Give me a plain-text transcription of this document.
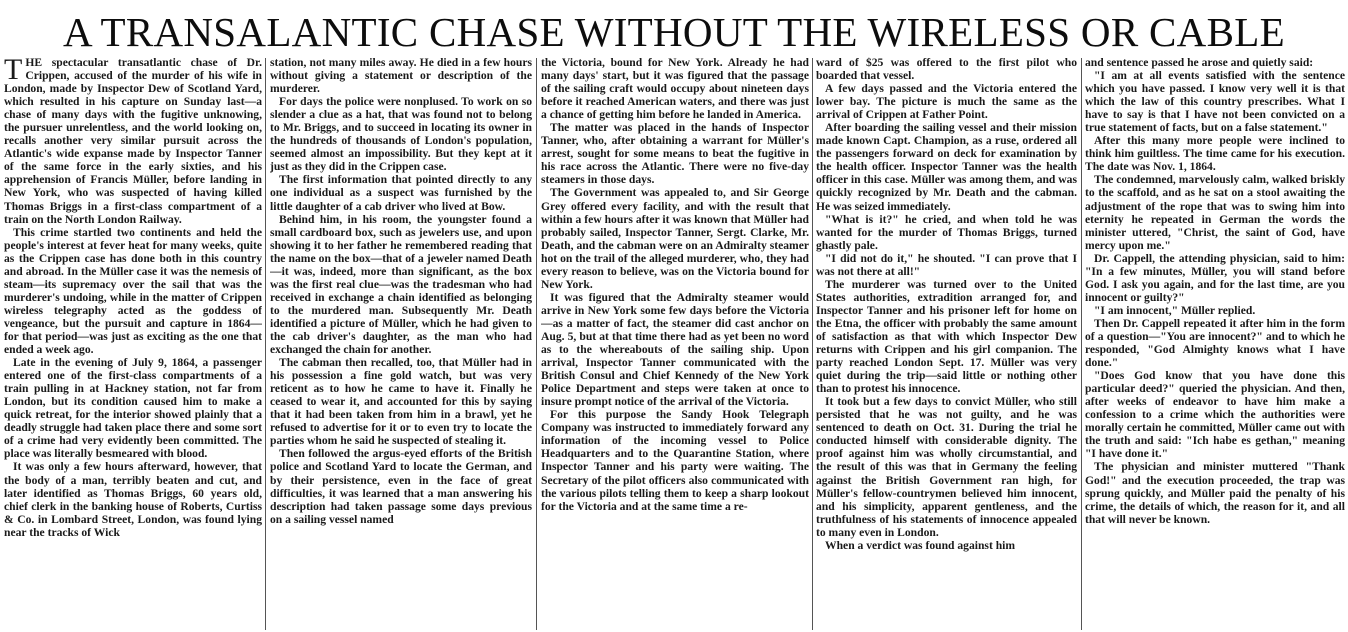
A TRANSALANTIC CHASE WITHOUT THE WIRELESS OR CABLE

THE spectacular transatlantic chase of Dr. Crippen, accused of the murder of his wife in London, made by Inspector Dew of Scotland Yard, which resulted in his capture on Sunday last—a chase of many days with the fugitive unknowing, the pursuer unrelentless, and the world looking on, recalls another very similar pursuit across the Atlantic's wide expanse made by Inspector Tanner of the same force in the early sixties, and his apprehension of Francis Müller, before landing in New York, who was suspected of having killed Thomas Briggs in a first-class compartment of a train on the North London Railway.

This crime startled two continents and held the people's interest at fever heat for many weeks, quite as the Crippen case has done both in this country and abroad. In the Müller case it was the nemesis of steam—its supremacy over the sail that was the murderer's undoing, while in the matter of Crippen wireless telegraphy acted as the goddess of vengeance, but the pursuit and capture in 1864—for that period—was just as exciting as the one that ended a week ago.

Late in the evening of July 9, 1864, a passenger entered one of the first-class compartments of a train pulling in at Hackney station, not far from London, but its condition caused him to make a quick retreat, for the interior showed plainly that a deadly struggle had taken place there and some sort of a crime had very evidently been committed. The place was literally besmeared with blood.

It was only a few hours afterward, however, that the body of a man, terribly beaten and cut, and later identified as Thomas Briggs, 60 years old, chief clerk in the banking house of Roberts, Curtiss & Co. in Lombard Street, London, was found lying near the tracks of Wick

station, not many miles away. He died in a few hours without giving a statement or description of the murderer.

For days the police were nonplused. To work on so slender a clue as a hat, that was found not to belong to Mr. Briggs, and to succeed in locating its owner in the hundreds of thousands of London's population, seemed almost an impossibility. But they kept at it just as they did in the Crippen case.

The first information that pointed directly to any one individual as a suspect was furnished by the little daughter of a cab driver who lived at Bow.

Behind him, in his room, the youngster found a small cardboard box, such as jewelers use, and upon showing it to her father he remembered reading that the name on the box—that of a jeweler named Death—it was, indeed, more than significant, as the box was the first real clue—was the tradesman who had received in exchange a chain identified as belonging to the murdered man. Subsequently Mr. Death identified a picture of Müller, which he had given to the cab driver's daughter, as the man who had exchanged the chain for another.

The cabman then recalled, too, that Müller had in his possession a fine gold watch, but was very reticent as to how he came to have it. Finally he ceased to wear it, and accounted for this by saying that it had been taken from him in a brawl, yet he refused to advertise for it or to even try to locate the parties whom he said he suspected of stealing it.

Then followed the argus-eyed efforts of the British police and Scotland Yard to locate the German, and by their persistence, even in the face of great difficulties, it was learned that a man answering his description had taken passage some days previous on a sailing vessel named

the Victoria, bound for New York. Already he had many days' start, but it was figured that the passage of the sailing craft would occupy about nineteen days before it reached American waters, and there was just a chance of getting him before he landed in America.

The matter was placed in the hands of Inspector Tanner, who, after obtaining a warrant for Müller's arrest, sought for some means to beat the fugitive in his race across the Atlantic. There were no five-day steamers in those days.

The Government was appealed to, and Sir George Grey offered every facility, and with the result that within a few hours after it was known that Müller had probably sailed, Inspector Tanner, Sergt. Clarke, Mr. Death, and the cabman were on an Admiralty steamer hot on the trail of the alleged murderer, who, they had every reason to believe, was on the Victoria bound for New York.

It was figured that the Admiralty steamer would arrive in New York some few days before the Victoria—as a matter of fact, the steamer did cast anchor on Aug. 5, but at that time there had as yet been no word as to the whereabouts of the sailing ship. Upon arrival, Inspector Tanner communicated with the British Consul and Chief Kennedy of the New York Police Department and steps were taken at once to insure prompt notice of the arrival of the Victoria.

For this purpose the Sandy Hook Telegraph Company was instructed to immediately forward any information of the incoming vessel to Police Headquarters and to the Quarantine Station, where Inspector Tanner and his party were waiting. The Secretary of the pilot officers also communicated with the various pilots telling them to keep a sharp lookout for the Victoria and at the same time a re-

ward of $25 was offered to the first pilot who boarded that vessel.

A few days passed and the Victoria entered the lower bay. The picture is much the same as the arrival of Crippen at Father Point.

After boarding the sailing vessel and their mission made known Capt. Champion, as a ruse, ordered all the passengers forward on deck for examination by the health officer. Inspector Tanner was the health officer in this case. Müller was among them, and was quickly recognized by Mr. Death and the cabman. He was seized immediately.

"What is it?" he cried, and when told he was wanted for the murder of Thomas Briggs, turned ghastly pale.

"I did not do it," he shouted. "I can prove that I was not there at all!"

The murderer was turned over to the United States authorities, extradition arranged for, and Inspector Tanner and his prisoner left for home on the Etna, the officer with probably the same amount of satisfaction as that with which Inspector Dew returns with Crippen and his girl companion. The party reached London Sept. 17. Müller was very quiet during the trip—said little or nothing other than to protest his innocence.

It took but a few days to convict Müller, who still persisted that he was not guilty, and he was sentenced to death on Oct. 31. During the trial he conducted himself with considerable dignity. The proof against him was wholly circumstantial, and the result of this was that in Germany the feeling against the British Government ran high, for Müller's fellow-countrymen believed him innocent, and his simplicity, apparent gentleness, and the truthfulness of his statements of innocence appealed to many even in London.

When a verdict was found against him

and sentence passed he arose and quietly said:

"I am at all events satisfied with the sentence which you have passed. I know very well it is that which the law of this country prescribes. What I have to say is that I have not been convicted on a true statement of facts, but on a false statement."

After this many more people were inclined to think him guiltless. The time came for his execution. The date was Nov. 1, 1864.

The condemned, marvelously calm, walked briskly to the scaffold, and as he sat on a stool awaiting the adjustment of the rope that was to swing him into eternity he repeated in German the words the minister uttered, "Christ, the saint of God, have mercy upon me."

Dr. Cappell, the attending physician, said to him: "In a few minutes, Müller, you will stand before God. I ask you again, and for the last time, are you innocent or guilty?"

"I am innocent," Müller replied.

Then Dr. Cappell repeated it after him in the form of a question—"You are innocent?" and to which he responded, "God Almighty knows what I have done."

"Does God know that you have done this particular deed?" queried the physician. And then, after weeks of endeavor to have him make a confession to a crime which the authorities were morally certain he committed, Müller came out with the truth and said: "Ich habe es gethan," meaning "I have done it."

The physician and minister muttered "Thank God!" and the execution proceeded, the trap was sprung quickly, and Müller paid the penalty of his crime, the details of which, the reason for it, and all that will never be known.
